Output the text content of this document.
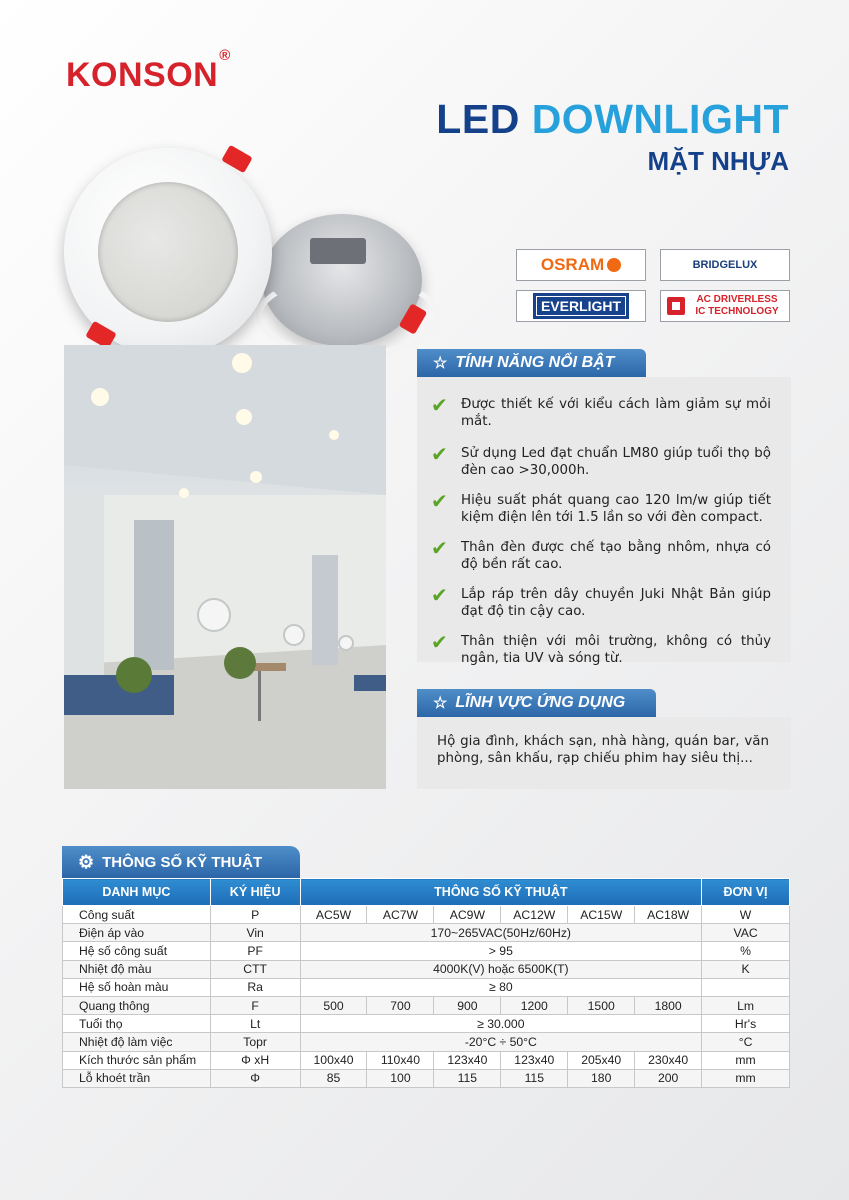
KONSON®
LED DOWNLIGHT
MẶT NHỰA
OSRAM	BRIDGELUX
EVERLIGHT	AC DRIVERLESS IC TECHNOLOGY
☆ TÍNH NĂNG NỔI BẬT
✔ Được thiết kế với kiểu cách làm giảm sự mỏi mắt.
✔ Sử dụng Led đạt chuẩn LM80 giúp tuổi thọ bộ đèn cao >30,000h.
✔ Hiệu suất phát quang cao 120 lm/w giúp tiết kiệm điện lên tới 1.5 lần so với đèn compact.
✔ Thân đèn được chế tạo bằng nhôm, nhựa có độ bền rất cao.
✔ Lắp ráp trên dây chuyền Juki Nhật Bản giúp đạt độ tin cậy cao.
✔ Thân thiện với môi trường, không có thủy ngân, tia UV và sóng từ.
☆ LĨNH VỰC ỨNG DỤNG
Hộ gia đình, khách sạn, nhà hàng, quán bar, văn phòng, sân khấu, rạp chiếu phim hay siêu thị...
⚙ THÔNG SỐ KỸ THUẬT
DANH MỤC	KÝ HIỆU	THÔNG SỐ KỸ THUẬT						ĐƠN VỊ
Công suất	P	AC5W	AC7W	AC9W	AC12W	AC15W	AC18W	W
Điện áp vào	Vin	170~265VAC(50Hz/60Hz)						VAC
Hệ số công suất	PF	> 95						%
Nhiệt độ màu	CTT	4000K(V) hoặc 6500K(T)						K
Hệ số hoàn màu	Ra	≥ 80						
Quang thông	F	500	700	900	1200	1500	1800	Lm
Tuổi thọ	Lt	≥ 30.000						Hr's
Nhiệt độ làm việc	Topr	-20°C ÷ 50°C						°C
Kích thước sản phẩm	Φ xH	100x40	110x40	123x40	123x40	205x40	230x40	mm
Lỗ khoét trần	Φ	85	100	115	115	180	200	mm
